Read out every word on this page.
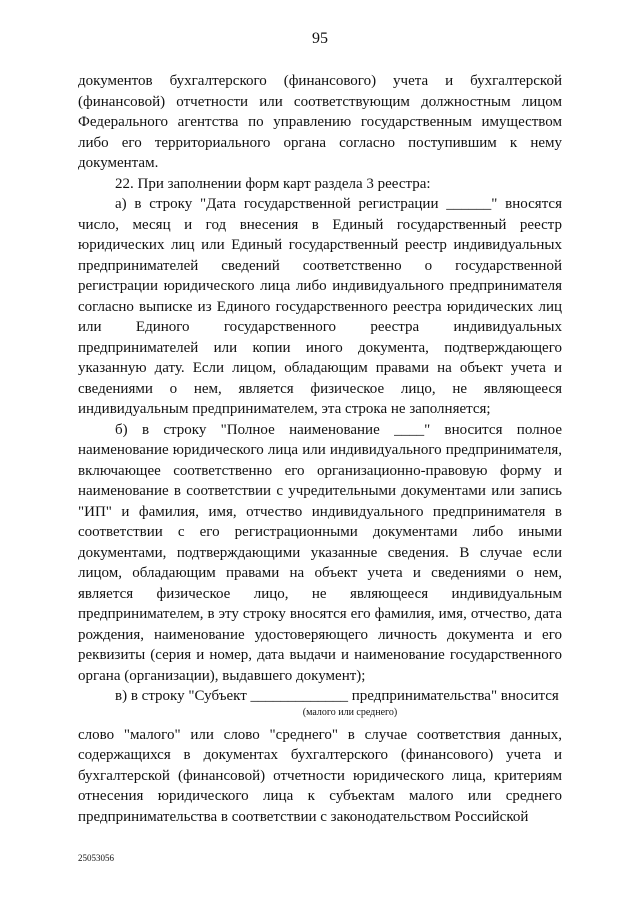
95

документов бухгалтерского (финансового) учета и бухгалтерской (финансовой) отчетности или соответствующим должностным лицом Федерального агентства по управлению государственным имуществом либо его территориального органа согласно поступившим к нему документам.

22. При заполнении форм карт раздела 3 реестра:

а) в строку "Дата государственной регистрации ______" вносятся число, месяц и год внесения в Единый государственный реестр юридических лиц или Единый государственный реестр индивидуальных предпринимателей сведений соответственно о государственной регистрации юридического лица либо индивидуального предпринимателя согласно выписке из Единого государственного реестра юридических лиц или Единого государственного реестра индивидуальных предпринимателей или копии иного документа, подтверждающего указанную дату. Если лицом, обладающим правами на объект учета и сведениями о нем, является физическое лицо, не являющееся индивидуальным предпринимателем, эта строка не заполняется;

б) в строку "Полное наименование ____" вносится полное наименование юридического лица или индивидуального предпринимателя, включающее соответственно его организационно-правовую форму и наименование в соответствии с учредительными документами или запись "ИП" и фамилия, имя, отчество индивидуального предпринимателя в соответствии с его регистрационными документами либо иными документами, подтверждающими указанные сведения. В случае если лицом, обладающим правами на объект учета и сведениями о нем, является физическое лицо, не являющееся индивидуальным предпринимателем, в эту строку вносятся его фамилия, имя, отчество, дата рождения, наименование удостоверяющего личность документа и его реквизиты (серия и номер, дата выдачи и наименование государственного органа (организации), выдавшего документ);

в) в строку "Субъект _____________ предпринимательства" вносится

(малого или среднего)

слово "малого" или слово "среднего" в случае соответствия данных, содержащихся в документах бухгалтерского (финансового) учета и бухгалтерской (финансовой) отчетности юридического лица, критериям отнесения юридического лица к субъектам малого или среднего предпринимательства в соответствии с законодательством Российской

25053056
